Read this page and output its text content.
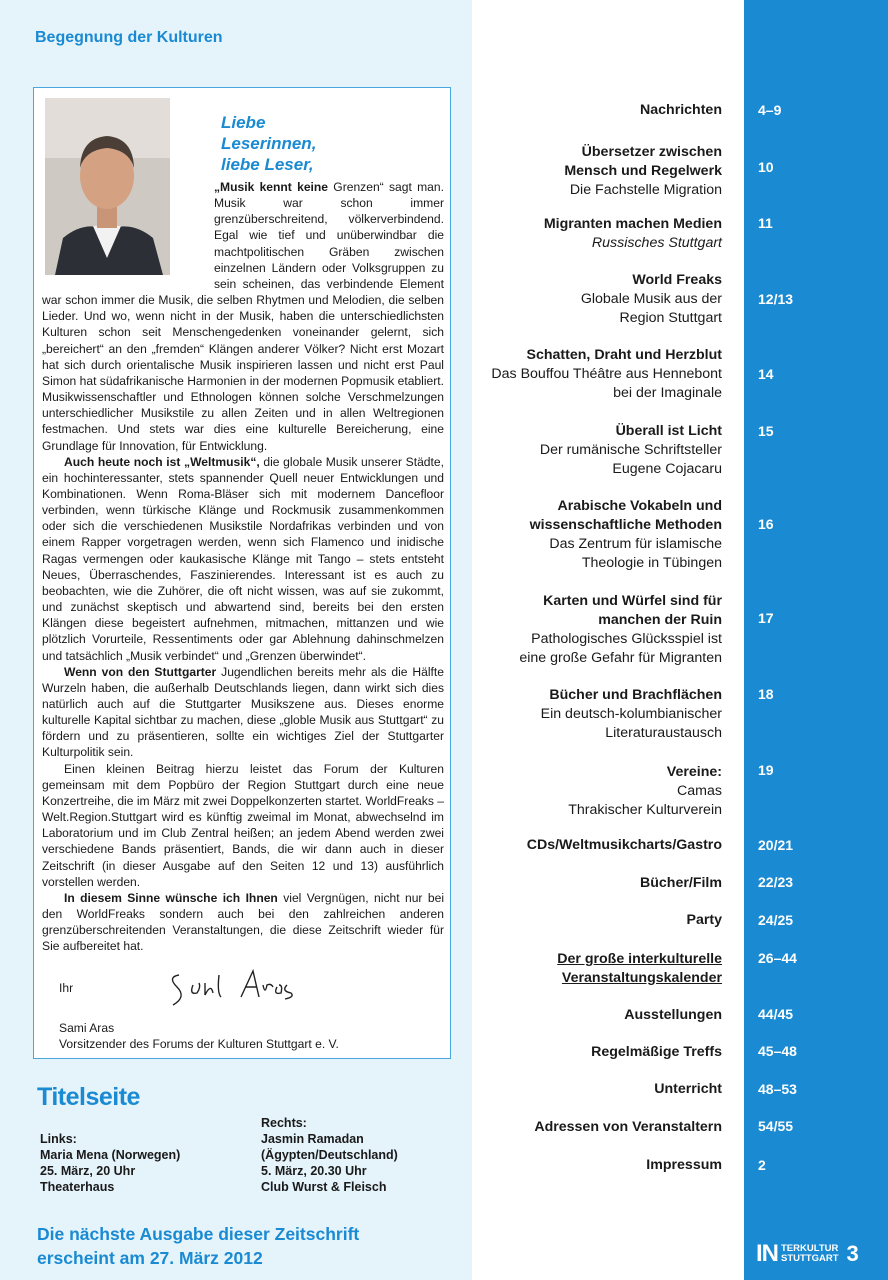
Begegnung der Kulturen
Liebe
Leserinnen,
liebe Leser,

„Musik kennt keine Grenzen“ sagt man. Musik war schon immer grenzüberschreitend, völkerverbindend. Egal wie tief und unüberwindbar die machtpolitischen Gräben zwischen einzelnen Ländern oder Volksgruppen zu sein scheinen, das verbindende Element war schon immer die Musik, die selben Rhytmen und Melodien, die selben Lieder. Und wo, wenn nicht in der Musik, haben die unterschiedlichsten Kulturen schon seit Menschengedenken voneinander gelernt, sich „bereichert“ an den „fremden“ Klängen anderer Völker? Nicht erst Mozart hat sich durch orientalische Musik inspirieren lassen und nicht erst Paul Simon hat südafrikanische Harmonien in der modernen Popmusik etabliert. Musikwissenschaftler und Ethnologen können solche Verschmelzungen unterschiedlicher Musikstile zu allen Zeiten und in allen Weltregionen festmachen. Und stets war dies eine kulturelle Bereicherung, eine Grundlage für Innovation, für Entwicklung.

Auch heute noch ist „Weltmusik“, die globale Musik unserer Städte, ein hochinteressanter, stets spannender Quell neuer Entwicklungen und Kombinationen. Wenn Roma-Bläser sich mit modernem Dancefloor verbinden, wenn türkische Klänge und Rockmusik zusammenkommen oder sich die verschiedenen Musikstile Nordafrikas verbinden und von einem Rapper vorgetragen werden, wenn sich Flamenco und inidische Ragas vermengen oder kaukasische Klänge mit Tango – stets entsteht Neues, Überraschendes, Faszinierendes. Interessant ist es auch zu beobachten, wie die Zuhörer, die oft nicht wissen, was auf sie zukommt, und zunächst skeptisch und abwartend sind, bereits bei den ersten Klängen diese begeistert aufnehmen, mitmachen, mittanzen und wie plötzlich Vorurteile, Ressentiments oder gar Ablehnung dahinschmelzen und tatsächlich „Musik verbindet“ und „Grenzen überwindet“.

Wenn von den Stuttgarter Jugendlichen bereits mehr als die Hälfte Wurzeln haben, die außerhalb Deutschlands liegen, dann wirkt sich dies natürlich auch auf die Stuttgarter Musikszene aus. Dieses enorme kulturelle Kapital sichtbar zu machen, diese „globle Musik aus Stuttgart“ zu fördern und zu präsentieren, sollte ein wichtiges Ziel der Stuttgarter Kulturpolitik sein.

Einen kleinen Beitrag hierzu leistet das Forum der Kulturen gemeinsam mit dem Popbüro der Region Stuttgart durch eine neue Konzertreihe, die im März mit zwei Doppelkonzerten startet. WorldFreaks – Welt.Region.Stuttgart wird es künftig zweimal im Monat, abwechselnd im Laboratorium und im Club Zentral heißen; an jedem Abend werden zwei verschiedene Bands präsentiert, Bands, die wir dann auch in dieser Zeitschrift (in dieser Ausgabe auf den Seiten 12 und 13) ausführlich vorstellen werden.

In diesem Sinne wünsche ich Ihnen viel Vergnügen, nicht nur bei den WorldFreaks sondern auch bei den zahlreichen anderen grenzüberschreitenden Veranstaltungen, die diese Zeitschrift wieder für Sie aufbereitet hat.

Ihr
Sami Aras
Vorsitzender des Forums der Kulturen Stuttgart e. V.
Titelseite
Links:
Maria Mena (Norwegen)
25. März, 20 Uhr
Theaterhaus
Rechts:
Jasmin Ramadan
(Ägypten/Deutschland)
5. März, 20.30 Uhr
Club Wurst & Fleisch
Die nächste Ausgabe dieser Zeitschrift
erscheint am 27. März 2012
Nachrichten	4–9
Übersetzer zwischen
Mensch und Regelwerk
Die Fachstelle Migration
10
Migranten machen Medien
Russisches Stuttgart
11
World Freaks
Globale Musik aus der
Region Stuttgart
12/13
Schatten, Draht und Herzblut
Das Bouffou Théâtre aus Hennebont
bei der Imaginale
14
Überall ist Licht
Der rumänische Schriftsteller
Eugene Cojacaru
15
Arabische Vokabeln und
wissenschaftliche Methoden
Das Zentrum für islamische
Theologie in Tübingen
16
Karten und Würfel sind für
manchen der Ruin
Pathologisches Glücksspiel ist
eine große Gefahr für Migranten
17
Bücher und Brachflächen
Ein deutsch-kolumbianischer
Literaturaustausch
18
Vereine:
Camas
Thrakischer Kulturverein
19
CDs/Weltmusikcharts/Gastro	20/21
Bücher/Film	22/23
Party	24/25
Der große interkulturelle
Veranstaltungskalender
26–44
Ausstellungen	44/45
Regelmäßige Treffs	45–48
Unterricht	48–53
Adressen von Veranstaltern	54/55
Impressum	2
IN TERKULTUR
STUTTGART 3
